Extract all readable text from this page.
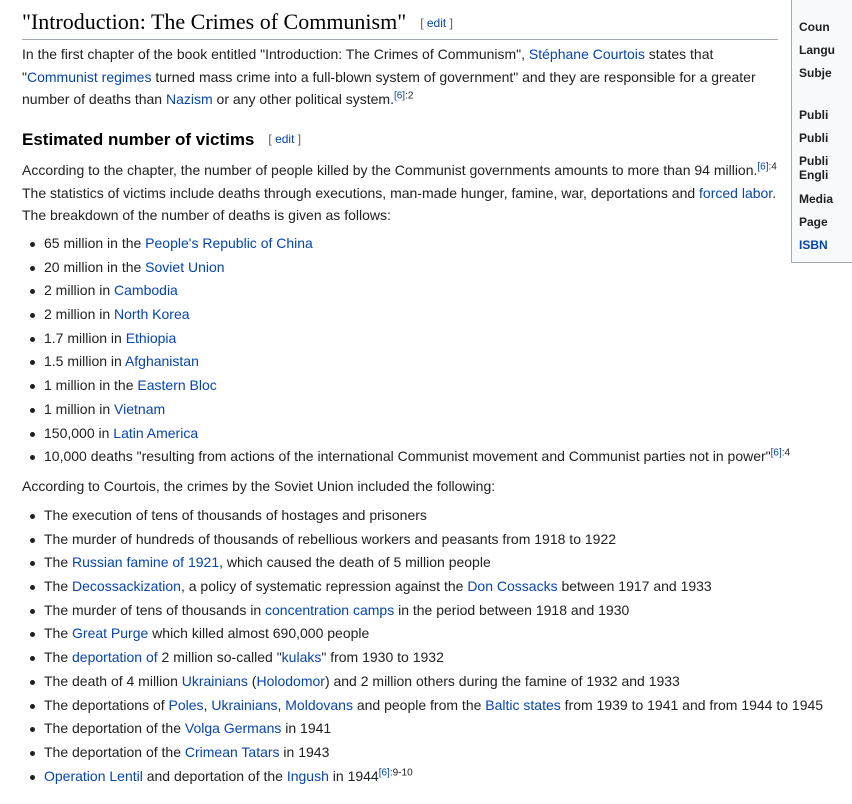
"Introduction: The Crimes of Communism" [ edit ]
In the first chapter of the book entitled "Introduction: The Crimes of Communism", Stéphane Courtois states that "Communist regimes turned mass crime into a full-blown system of government" and they are responsible for a greater number of deaths than Nazism or any other political system.$^{[6]:2}$
Estimated number of victims [ edit ]
According to the chapter, the number of people killed by the Communist governments amounts to more than 94 million.$^{[6]:4}$ The statistics of victims include deaths through executions, man-made hunger, famine, war, deportations and forced labor. The breakdown of the number of deaths is given as follows:
65 million in the People's Republic of China
20 million in the Soviet Union
2 million in Cambodia
2 million in North Korea
1.7 million in Ethiopia
1.5 million in Afghanistan
1 million in the Eastern Bloc
1 million in Vietnam
150,000 in Latin America
10,000 deaths "resulting from actions of the international Communist movement and Communist parties not in power"$^{[6]:4}$
According to Courtois, the crimes by the Soviet Union included the following:
The execution of tens of thousands of hostages and prisoners
The murder of hundreds of thousands of rebellious workers and peasants from 1918 to 1922
The Russian famine of 1921, which caused the death of 5 million people
The Decossackization, a policy of systematic repression against the Don Cossacks between 1917 and 1933
The murder of tens of thousands in concentration camps in the period between 1918 and 1930
The Great Purge which killed almost 690,000 people
The deportation of 2 million so-called "kulaks" from 1930 to 1932
The death of 4 million Ukrainians (Holodomor) and 2 million others during the famine of 1932 and 1933
The deportations of Poles, Ukrainians, Moldovans and people from the Baltic states from 1939 to 1941 and from 1944 to 1945
The deportation of the Volga Germans in 1941
The deportation of the Crimean Tatars in 1943
Operation Lentil and deportation of the Ingush in $1944^{[6]:9-10}$
Coun
Langu
Subje
Publi
Publi
Publi
Engli
Media
Page
ISBN
